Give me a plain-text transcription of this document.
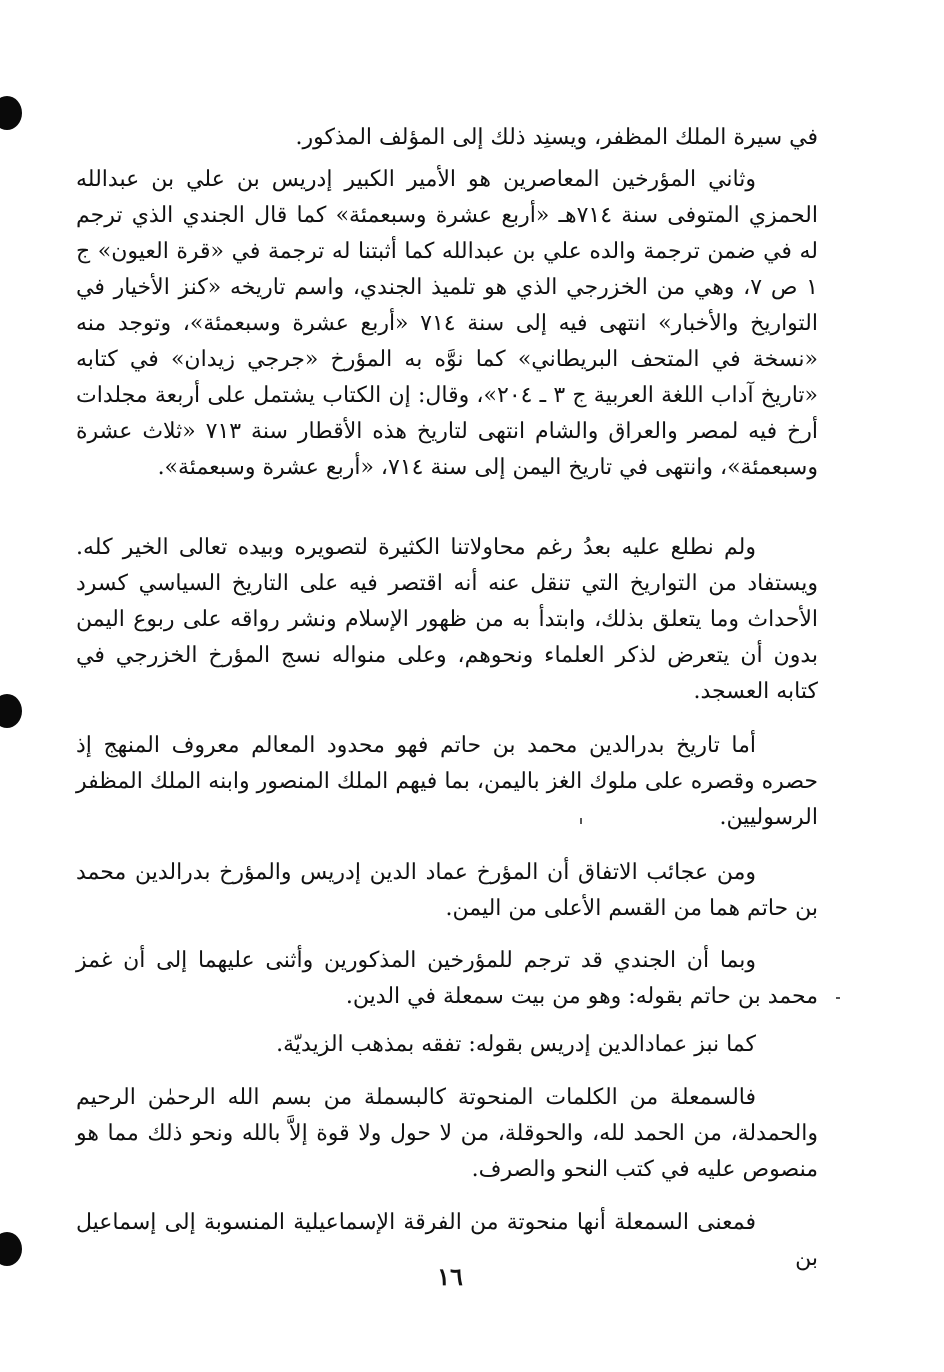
في سيرة الملك المظفر، ويسنِد ذلك إلى المؤلف المذكور.

وثاني المؤرخين المعاصرين هو الأمير الكبير إدريس بن علي بن عبدالله الحمزي المتوفى سنة ٧١٤هـ «أربع عشرة وسبعمئة» كما قال الجندي الذي ترجم له في ضمن ترجمة والده علي بن عبدالله كما أثبتنا له ترجمة في «قرة العيون» ج ١ ص ٧، وهي من الخزرجي الذي هو تلميذ الجندي، واسم تاريخه «كنز الأخيار في التواريخ والأخبار» انتهى فيه إلى سنة ٧١٤ «أربع عشرة وسبعمئة»، وتوجد منه «نسخة في المتحف البريطاني» كما نوَّه به المؤرخ «جرجي زيدان» في كتابه «تاريخ آداب اللغة العربية ج ٣ ـ ٢٠٤»، وقال: إن الكتاب يشتمل على أربعة مجلدات أرخ فيه لمصر والعراق والشام انتهى لتاريخ هذه الأقطار سنة ٧١٣ «ثلاث عشرة وسبعمئة»، وانتهى في تاريخ اليمن إلى سنة ٧١٤، «أربع عشرة وسبعمئة».

ولم نطلع عليه بعدُ رغم محاولاتنا الكثيرة لتصويره وبيده تعالى الخير كله. ويستفاد من التواريخ التي تنقل عنه أنه اقتصر فيه على التاريخ السياسي كسرد الأحداث وما يتعلق بذلك، وابتدأ به من ظهور الإسلام ونشر رواقه على ربوع اليمن بدون أن يتعرض لذكر العلماء ونحوهم، وعلى منواله نسج المؤرخ الخزرجي في كتابه العسجد.

أما تاريخ بدرالدين محمد بن حاتم فهو محدود المعالم معروف المنهج إذ حصره وقصره على ملوك الغز باليمن، بما فيهم الملك المنصور وابنه الملك المظفر الرسوليين.

ومن عجائب الاتفاق أن المؤرخ عماد الدين إدريس والمؤرخ بدرالدين محمد بن حاتم هما من القسم الأعلى من اليمن.

وبما أن الجندي قد ترجم للمؤرخين المذكورين وأثنى عليهما إلى أن غمز محمد بن حاتم بقوله: وهو من بيت سمعلة في الدين.

كما نبز عمادالدين إدريس بقوله: تفقه بمذهب الزيديّة.

فالسمعلة من الكلمات المنحوتة كالبسملة من بسم الله الرحمٰن الرحيم والحمدلة، من الحمد لله، والحوقلة، من لا حول ولا قوة إلاَّ بالله ونحو ذلك مما هو منصوص عليه في كتب النحو والصرف.

فمعنى السمعلة أنها منحوتة من الفرقة الإسماعيلية المنسوبة إلى إسماعيل بن

١٦
